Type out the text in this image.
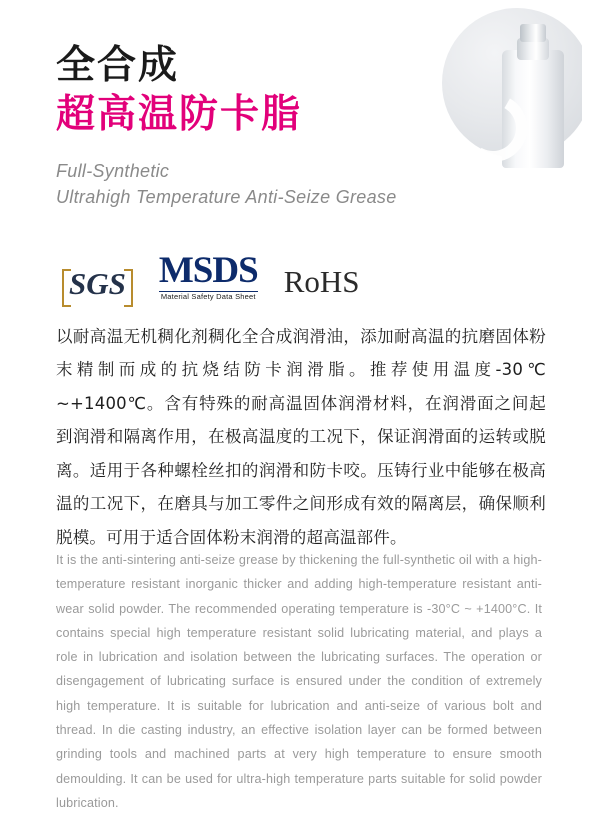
全合成
超高温防卡脂
Full-Synthetic
Ultrahigh Temperature Anti-Seize Grease
SGS MSDS
Material Safety Data Sheet RoHS
以耐高温无机稠化剂稠化全合成润滑油，添加耐高温的抗磨固体粉末精制而成的抗烧结防卡润滑脂。推荐使用温度-30℃ ~+1400℃。含有特殊的耐高温固体润滑材料，在润滑面之间起到润滑和隔离作用，在极高温度的工况下，保证润滑面的运转或脱离。适用于各种螺栓丝扣的润滑和防卡咬。压铸行业中能够在极高温的工况下，在磨具与加工零件之间形成有效的隔离层，确保顺利脱模。可用于适合固体粉末润滑的超高温部件。
It is the anti-sintering anti-seize grease by thickening the full-synthetic oil with a high-temperature resistant inorganic thicker and adding high-temperature resistant anti-wear solid powder. The recommended operating temperature is -30°C ~ +1400°C. It contains special high temperature resistant solid lubricating material, and plays a role in lubrication and isolation between the lubricating surfaces. The operation or disengagement of lubricating surface is ensured under the condition of extremely high temperature. It is suitable for lubrication and anti-seize of various bolt and thread. In die casting industry, an effective isolation layer can be formed between grinding tools and machined parts at very high temperature to ensure smooth demoulding. It can be used for ultra-high temperature parts suitable for solid powder lubrication.
